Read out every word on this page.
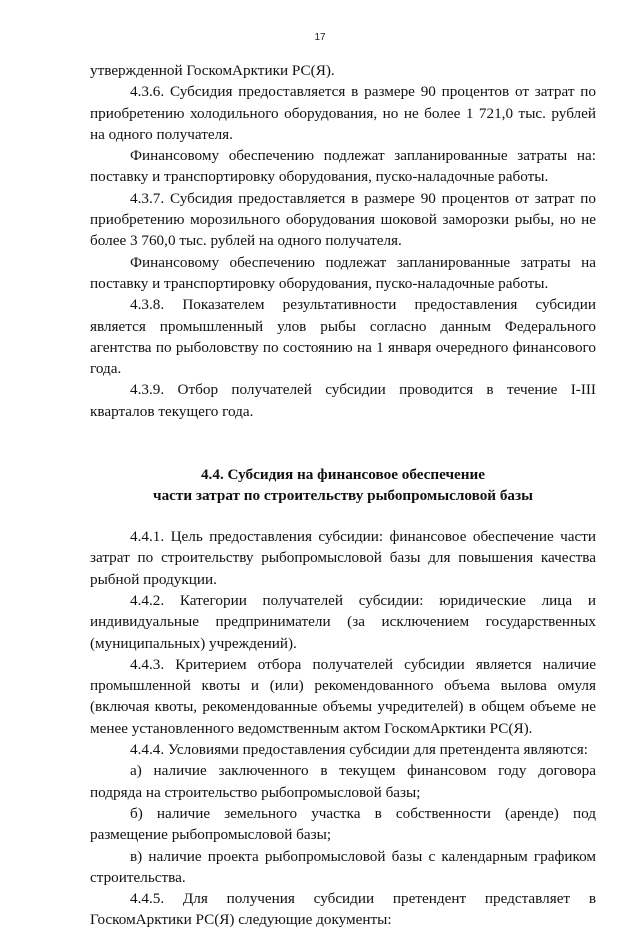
17

утвержденной ГоскомАрктики РС(Я).

4.3.6. Субсидия предоставляется в размере 90 процентов от затрат по приобретению холодильного оборудования, но не более 1 721,0 тыс. рублей на одного получателя.

Финансовому обеспечению подлежат запланированные затраты на: поставку и транспортировку оборудования, пуско-наладочные работы.

4.3.7. Субсидия предоставляется в размере 90 процентов от затрат по приобретению морозильного оборудования шоковой заморозки рыбы, но не более 3 760,0 тыс. рублей на одного получателя.

Финансовому обеспечению подлежат запланированные затраты на поставку и транспортировку оборудования, пуско-наладочные работы.

4.3.8. Показателем результативности предоставления субсидии является промышленный улов рыбы согласно данным Федерального агентства по рыболовству по состоянию на 1 января очередного финансового года.

4.3.9. Отбор получателей субсидии проводится в течение I-III кварталов текущего года.

4.4. Субсидия на финансовое обеспечение
части затрат по строительству рыбопромысловой базы

4.4.1. Цель предоставления субсидии: финансовое обеспечение части затрат по строительству рыбопромысловой базы для повышения качества рыбной продукции.

4.4.2. Категории получателей субсидии: юридические лица и индивидуальные предприниматели (за исключением государственных (муниципальных) учреждений).

4.4.3. Критерием отбора получателей субсидии является наличие промышленной квоты и (или) рекомендованного объема вылова омуля (включая квоты, рекомендованные объемы учредителей) в общем объеме не менее установленного ведомственным актом ГоскомАрктики РС(Я).

4.4.4. Условиями предоставления субсидии для претендента являются:

а) наличие заключенного в текущем финансовом году договора подряда на строительство рыбопромысловой базы;

б) наличие земельного участка в собственности (аренде) под размещение рыбопромысловой базы;

в) наличие проекта рыбопромысловой базы с календарным графиком строительства.

4.4.5. Для получения субсидии претендент представляет в ГоскомАрктики РС(Я) следующие документы:
